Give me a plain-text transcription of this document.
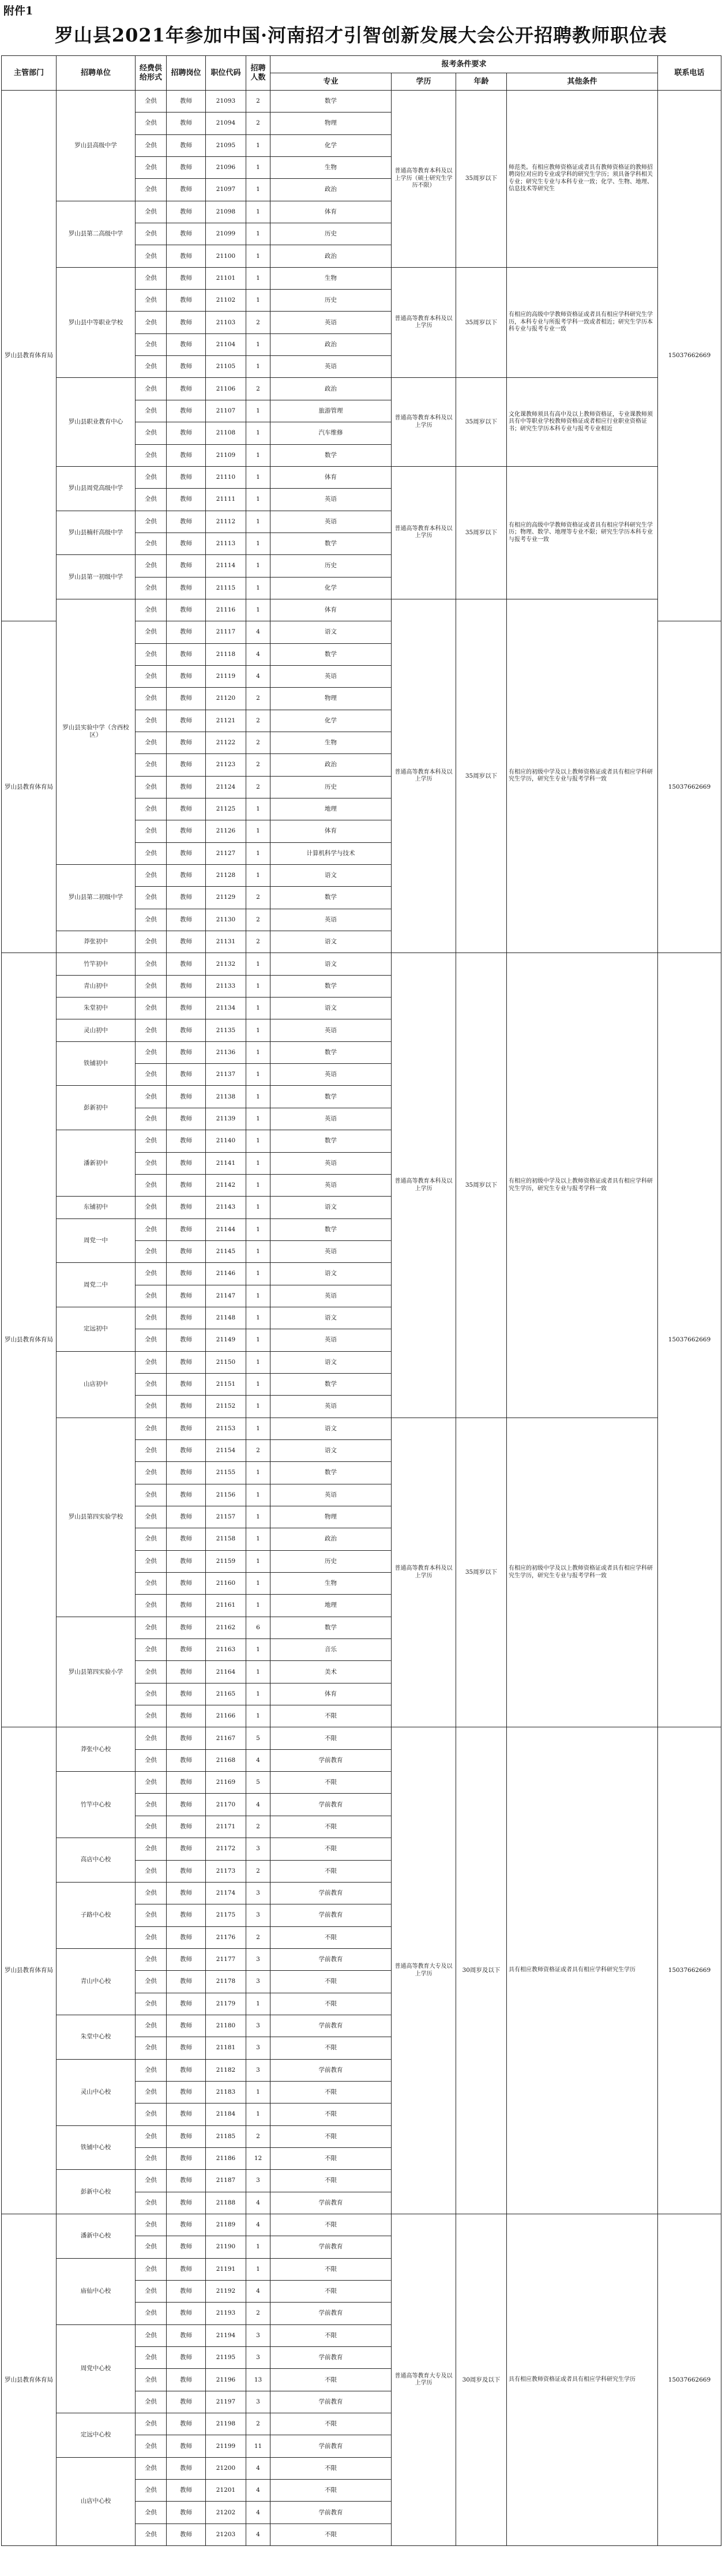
附件1
罗山县2021年参加中国·河南招才引智创新发展大会公开招聘教师职位表
主管部门	招聘单位	经费供给形式	招聘岗位	职位代码	招聘人数	报考条件要求				联系电话
						专业	学历	年龄	其他条件	
罗山县教育体育局	罗山县高级中学	全供	教师	21093	2	数学	普通高等教育本科及以上学历（硕士研究生学历不限）	35周岁以下	师范类。有相应教师资格证或者具有教师资格证的教师招聘岗位对应的专业或学科的研究生学历；须具备学科相关专业；研究生专业与本科专业一致；化学、生物、地理、信息技术等研究生	15037662669
		全供	教师	21094	2	物理				
		全供	教师	21095	1	化学				
		全供	教师	21096	1	生物				
		全供	教师	21097	1	政治				
	罗山县第二高级中学	全供	教师	21098	1	体育				
		全供	教师	21099	1	历史				
		全供	教师	21100	1	政治				
	罗山县中等职业学校	全供	教师	21101	1	生物	普通高等教育本科及以上学历	35周岁以下	有相应的高级中学教师资格证或者具有相应学科研究生学历，本科专业与所报考学科一致或者相近；研究生学历本科专业与报考专业一致	
		全供	教师	21102	1	历史				
		全供	教师	21103	2	英语				
		全供	教师	21104	1	政治				
		全供	教师	21105	1	英语				
	罗山县职业教育中心	全供	教师	21106	2	政治	普通高等教育本科及以上学历	35周岁以下	文化课教师须具有高中及以上教师资格证，专业课教师须具有中等职业学校教师资格证或者相应行业职业资格证书；研究生学历本科专业与报考专业相近	
		全供	教师	21107	1	旅游管理				
		全供	教师	21108	1	汽车维修				
		全供	教师	21109	1	数学				
	罗山县周党高级中学	全供	教师	21110	1	体育	普通高等教育本科及以上学历	35周岁以下	有相应的高级中学教师资格证或者具有相应学科研究生学历；物理、数学、地理等专业不限；研究生学历本科专业与报考专业一致	
		全供	教师	21111	1	英语				
	罗山县楠杆高级中学	全供	教师	21112	1	英语				
		全供	教师	21113	1	数学				
	罗山县第一初级中学	全供	教师	21114	1	历史				
		全供	教师	21115	1	化学				
	罗山县实验中学（含西校区）	全供	教师	21116	1	体育	普通高等教育本科及以上学历	35周岁以下	有相应的初级中学及以上教师资格证或者具有相应学科研究生学历，研究生专业与报考学科一致	
罗山县教育体育局		全供	教师	21117	4	语文				15037662669
		全供	教师	21118	4	数学				
		全供	教师	21119	4	英语				
		全供	教师	21120	2	物理				
		全供	教师	21121	2	化学				
		全供	教师	21122	2	生物				
		全供	教师	21123	2	政治				
		全供	教师	21124	2	历史				
		全供	教师	21125	1	地理				
		全供	教师	21126	1	体育				
		全供	教师	21127	1	计算机科学与技术				
	罗山县第二初级中学	全供	教师	21128	1	语文				
		全供	教师	21129	2	数学				
		全供	教师	21130	2	英语				
	莽张初中	全供	教师	21131	2	语文				
罗山县教育体育局	竹竿初中	全供	教师	21132	1	语文	普通高等教育本科及以上学历	35周岁以下	有相应的初级中学及以上教师资格证或者具有相应学科研究生学历，研究生专业与报考学科一致	15037662669
	青山初中	全供	教师	21133	1	数学				
	朱堂初中	全供	教师	21134	1	语文				
	灵山初中	全供	教师	21135	1	英语				
	铁铺初中	全供	教师	21136	1	数学				
		全供	教师	21137	1	英语				
	彭新初中	全供	教师	21138	1	数学				
		全供	教师	21139	1	英语				
	潘新初中	全供	教师	21140	1	数学				
		全供	教师	21141	1	英语				
		全供	教师	21142	1	英语				
	东铺初中	全供	教师	21143	1	语文				
	周党一中	全供	教师	21144	1	数学				
		全供	教师	21145	1	英语				
	周党二中	全供	教师	21146	1	语文				
		全供	教师	21147	1	英语				
	定远初中	全供	教师	21148	1	语文				
		全供	教师	21149	1	英语				
	山店初中	全供	教师	21150	1	语文				
		全供	教师	21151	1	数学				
		全供	教师	21152	1	英语				
	罗山县第四实验学校	全供	教师	21153	1	语文	普通高等教育本科及以上学历	35周岁以下	有相应的初级中学及以上教师资格证或者具有相应学科研究生学历，研究生专业与报考学科一致	
		全供	教师	21154	2	语文				
		全供	教师	21155	1	数学				
		全供	教师	21156	1	英语				
		全供	教师	21157	1	物理				
		全供	教师	21158	1	政治				
		全供	教师	21159	1	历史				
		全供	教师	21160	1	生物				
		全供	教师	21161	1	地理				
	罗山县第四实验小学	全供	教师	21162	6	数学				
		全供	教师	21163	1	音乐				
		全供	教师	21164	1	美术				
		全供	教师	21165	1	体育				
		全供	教师	21166	1	不限				
罗山县教育体育局	莽张中心校	全供	教师	21167	5	不限	普通高等教育大专及以上学历	30周岁及以下	具有相应教师资格证或者具有相应学科研究生学历	15037662669
		全供	教师	21168	4	学前教育				
	竹竿中心校	全供	教师	21169	5	不限				
		全供	教师	21170	4	学前教育				
		全供	教师	21171	2	不限				
	高店中心校	全供	教师	21172	3	不限				
		全供	教师	21173	2	不限				
	子路中心校	全供	教师	21174	3	学前教育				
		全供	教师	21175	3	学前教育				
		全供	教师	21176	2	不限				
	青山中心校	全供	教师	21177	3	学前教育				
		全供	教师	21178	3	不限				
		全供	教师	21179	1	不限				
	朱堂中心校	全供	教师	21180	3	学前教育				
		全供	教师	21181	3	不限				
	灵山中心校	全供	教师	21182	3	学前教育				
		全供	教师	21183	1	不限				
		全供	教师	21184	1	不限				
	铁铺中心校	全供	教师	21185	2	不限				
		全供	教师	21186	12	不限				
	彭新中心校	全供	教师	21187	3	不限				
		全供	教师	21188	4	学前教育				
罗山县教育体育局	潘新中心校	全供	教师	21189	4	不限	普通高等教育大专及以上学历	30周岁及以下	具有相应教师资格证或者具有相应学科研究生学历	15037662669
		全供	教师	21190	1	学前教育				
	庙仙中心校	全供	教师	21191	1	不限				
		全供	教师	21192	4	不限				
		全供	教师	21193	2	学前教育				
	周党中心校	全供	教师	21194	3	不限				
		全供	教师	21195	3	学前教育				
		全供	教师	21196	13	不限				
		全供	教师	21197	3	学前教育				
	定远中心校	全供	教师	21198	2	不限				
		全供	教师	21199	11	学前教育				
	山店中心校	全供	教师	21200	4	不限				
		全供	教师	21201	4	不限				
		全供	教师	21202	4	学前教育				
		全供	教师	21203	4	不限				
